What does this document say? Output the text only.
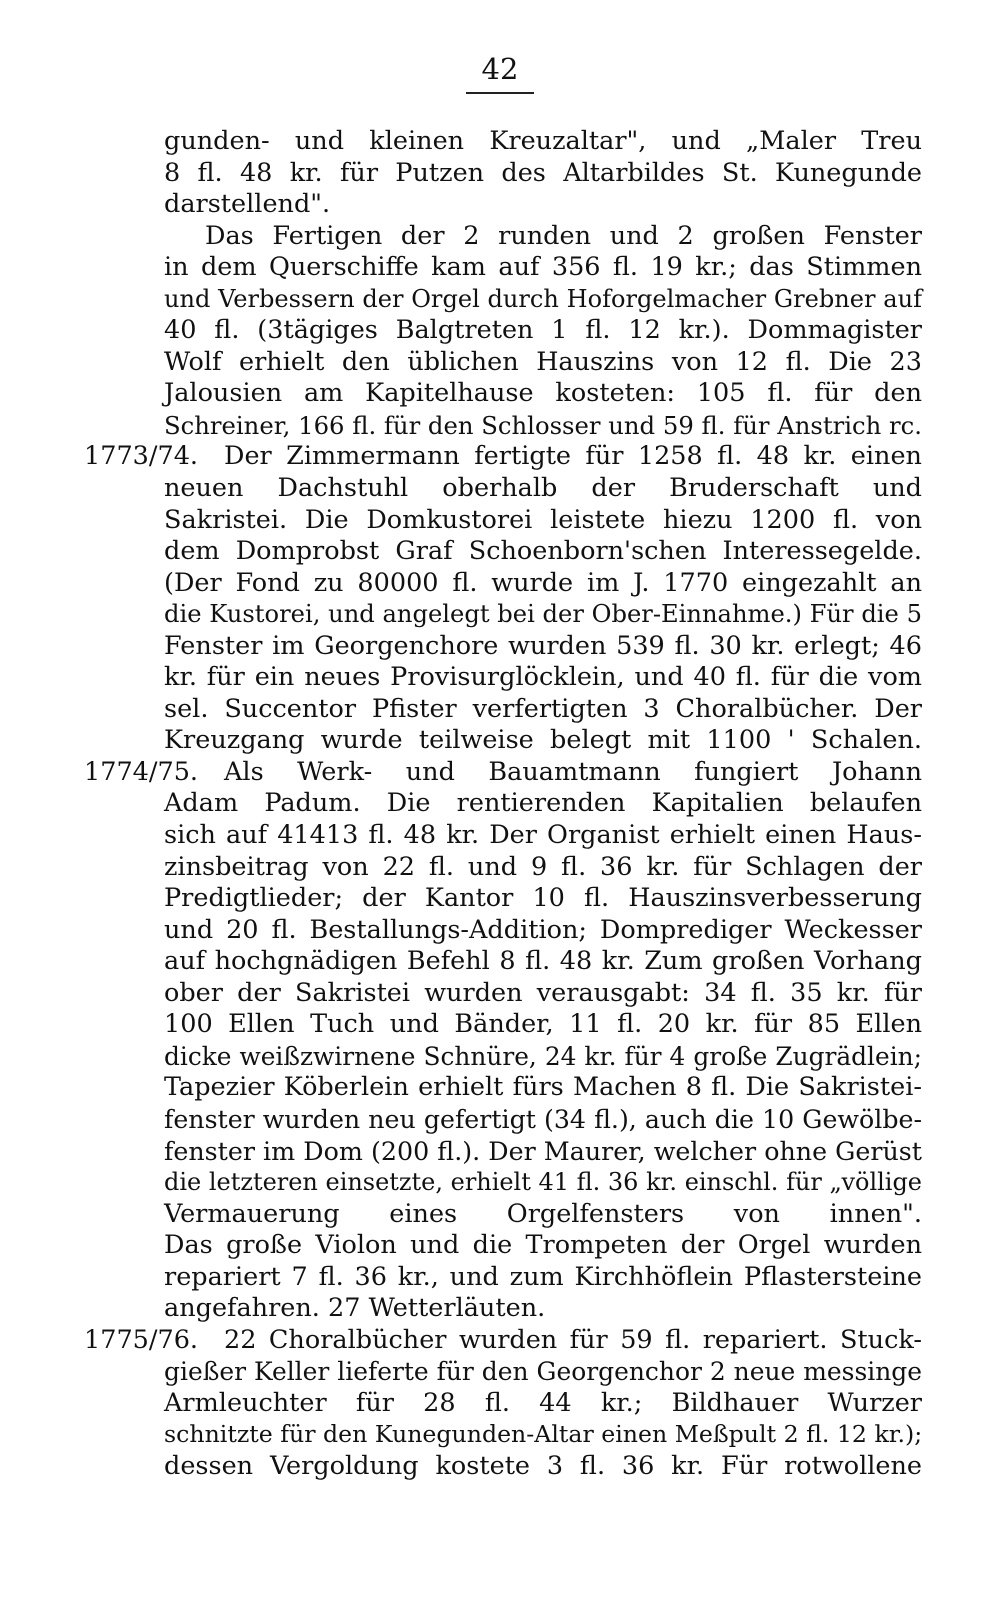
42
gunden- und kleinen Kreuzaltar", und „Maler Treu
8 fl. 48 kr. für Putzen des Altarbildes St. Kunegunde
darstellend".
Das Fertigen der 2 runden und 2 großen Fenster
in dem Querschiffe kam auf 356 fl. 19 kr.; das Stimmen
und Verbessern der Orgel durch Hoforgelmacher Grebner auf
40 fl. (3tägiges Balgtreten 1 fl. 12 kr.). Dommagister
Wolf erhielt den üblichen Hauszins von 12 fl. Die 23
Jalousien am Kapitelhause kosteten: 105 fl. für den
Schreiner, 166 fl. für den Schlosser und 59 fl. für Anstrich rc.
1773/74. Der Zimmermann fertigte für 1258 fl. 48 kr. einen
neuen Dachstuhl oberhalb der Bruderschaft und
Sakristei. Die Domkustorei leistete hiezu 1200 fl. von
dem Domprobst Graf Schoenborn'schen Interessegelde.
(Der Fond zu 80000 fl. wurde im J. 1770 eingezahlt an
die Kustorei, und angelegt bei der Ober-Einnahme.) Für die 5
Fenster im Georgenchore wurden 539 fl. 30 kr. erlegt; 46
kr. für ein neues Provisurglöcklein, und 40 fl. für die vom
sel. Succentor Pfister verfertigten 3 Choralbücher. Der
Kreuzgang wurde teilweise belegt mit 1100 ' Schalen.
1774/75. Als Werk- und Bauamtmann fungiert Johann
Adam Padum. Die rentierenden Kapitalien belaufen
sich auf 41413 fl. 48 kr. Der Organist erhielt einen Haus-
zinsbeitrag von 22 fl. und 9 fl. 36 kr. für Schlagen der
Predigtlieder; der Kantor 10 fl. Hauszinsverbesserung
und 20 fl. Bestallungs-Addition; Domprediger Weckesser
auf hochgnädigen Befehl 8 fl. 48 kr. Zum großen Vorhang
ober der Sakristei wurden verausgabt: 34 fl. 35 kr. für
100 Ellen Tuch und Bänder, 11 fl. 20 kr. für 85 Ellen
dicke weißzwirnene Schnüre, 24 kr. für 4 große Zugrädlein;
Tapezier Köberlein erhielt fürs Machen 8 fl. Die Sakristei-
fenster wurden neu gefertigt (34 fl.), auch die 10 Gewölbe-
fenster im Dom (200 fl.). Der Maurer, welcher ohne Gerüst
die letzteren einsetzte, erhielt 41 fl. 36 kr. einschl. für „völlige
Vermauerung eines Orgelfensters von innen".
Das große Violon und die Trompeten der Orgel wurden
repariert 7 fl. 36 kr., und zum Kirchhöflein Pflastersteine
angefahren. 27 Wetterläuten.
1775/76. 22 Choralbücher wurden für 59 fl. repariert. Stuck-
gießer Keller lieferte für den Georgenchor 2 neue messinge
Armleuchter für 28 fl. 44 kr.; Bildhauer Wurzer
schnitzte für den Kunegunden-Altar einen Meßpult 2 fl. 12 kr.);
dessen Vergoldung kostete 3 fl. 36 kr. Für rotwollene
